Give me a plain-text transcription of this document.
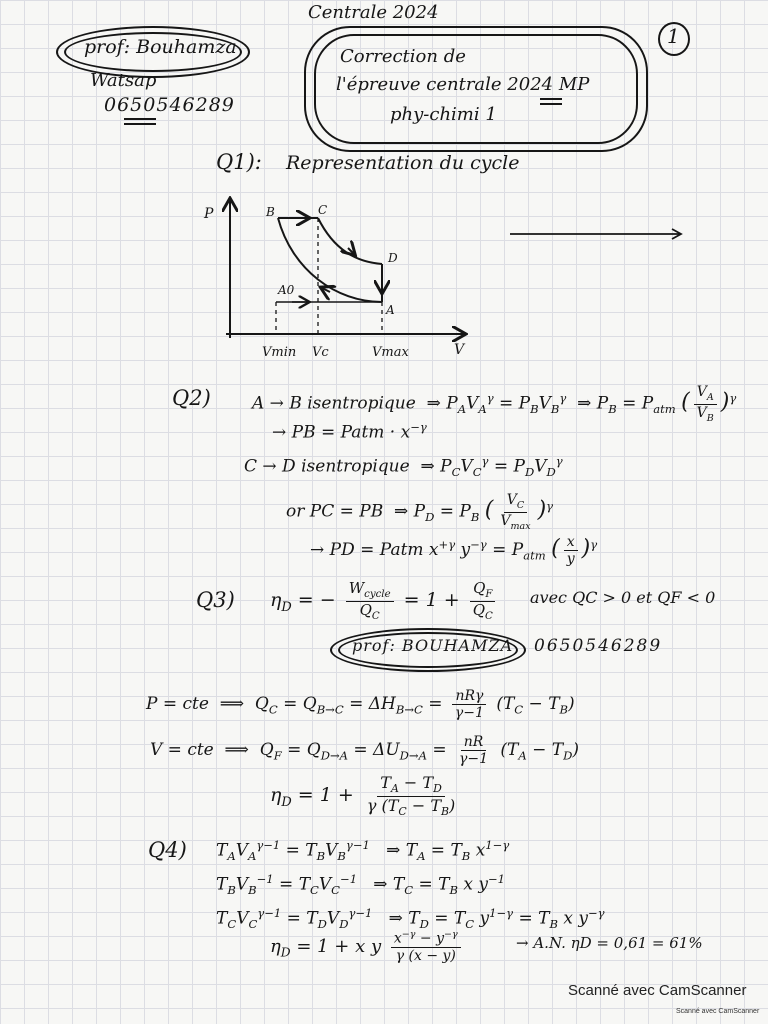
Centrale 2024
1
prof: Bouhamza
Watsap
0650546289
Correction de
l'épreuve centrale 2024 MP
phy-chimi 1
Q1): Representation du cycle
P
V
B	C
D
A
A0
Vmin Vc	Vmax
Q2) A → B isentropique  ⇒ $P_AV_A^\gamma = P_BV_B^\gamma$  ⇒ $P_B = P_{atm}$ ( $\frac{V_A}{V_B} )^\gamma$
→ PB = Patm · $x^{-\gamma}$
C → D isentropique  ⇒ $P_CV_C^\gamma = P_DV_D^\gamma$
or PC = PB  ⇒ $P_D = P_B$ ( $\frac{V_C}{V_{max}} )^\gamma$
→ PD = Patm $x^{+\gamma}$ $y^{-\gamma} = P_{atm}$ ( $\frac{x}{y} )^\gamma$
Q3) $\eta_D$ = − $\frac{W_{cycle}}{Q_C} = 1 + \frac{Q_F}{Q_C}$ avec QC > 0 et QF < 0
prof: BOUHAMZA 0650546289
P = cte  ⟹  $Q_C = Q_{B\to C} = \Delta H_{B\to C} = \frac{\text{nRγ}}{\gamma-1} (T_C - T_B)$
V = cte  ⟹  $Q_F = Q_{D\to A} = \Delta U_{D\to A} = \frac{nR}{\gamma-1} (T_A - T_D)$
$\eta_D = 1 + \frac{T_A - T_D}{\gamma (T_C - T_B)}$
Q4) $T_AV_A^{\gamma-1} = T_BV_B^{\gamma-1}$   ⇒ $T_A = T_B$ $x^{1-\gamma}$
$T_BV_B^{-1} = T_CV_C^{-1}$   ⇒ $T_C = T_B$ x $y^{-1}$
$T_CV_C^{\gamma-1} = T_DV_D^{\gamma-1}$   ⇒ $T_D = T_C$ $y^{1-\gamma} = T_B$ x $y^{-\gamma}$
$\eta_D = 1 + x$ y $\frac{x^{-\gamma} - y^{-\gamma}}{\gamma (x - y)}$	→ A.N. ηD = 0,61 = 61%
Scanné avec CamScanner
Scanné avec CamScanner
